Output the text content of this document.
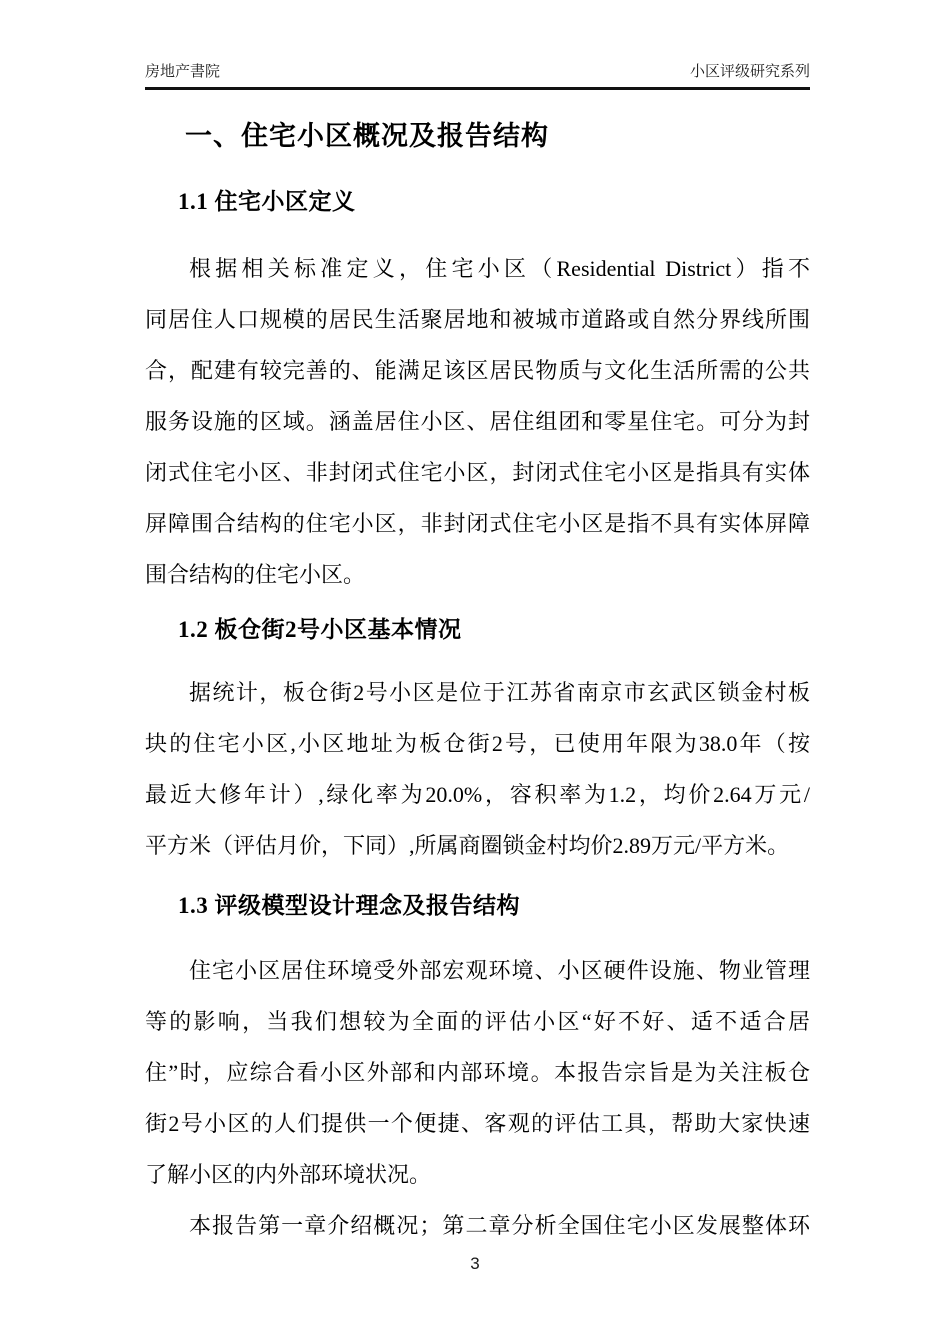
房地产書院	小区评级研究系列
一、住宅小区概况及报告结构
1.1 住宅小区定义
根据相关标准定义，住宅小区（Residential District）指不
同居住人口规模的居民生活聚居地和被城市道路或自然分界线所围
合，配建有较完善的、能满足该区居民物质与文化生活所需的公共
服务设施的区域。涵盖居住小区、居住组团和零星住宅。可分为封
闭式住宅小区、非封闭式住宅小区，封闭式住宅小区是指具有实体
屏障围合结构的住宅小区，非封闭式住宅小区是指不具有实体屏障
围合结构的住宅小区。
1.2 板仓街2号小区基本情况
据统计，板仓街2号小区是位于江苏省南京市玄武区锁金村板
块的住宅小区,小区地址为板仓街2号，已使用年限为38.0年（按
最近大修年计）,绿化率为20.0%，容积率为1.2，均价2.64万元/
平方米（评估月价，下同）,所属商圈锁金村均价2.89万元/平方米。
1.3 评级模型设计理念及报告结构
住宅小区居住环境受外部宏观环境、小区硬件设施、物业管理
等的影响，当我们想较为全面的评估小区“好不好、适不适合居
住”时，应综合看小区外部和内部环境。本报告宗旨是为关注板仓
街2号小区的人们提供一个便捷、客观的评估工具，帮助大家快速
了解小区的内外部环境状况。
本报告第一章介绍概况；第二章分析全国住宅小区发展整体环
3
